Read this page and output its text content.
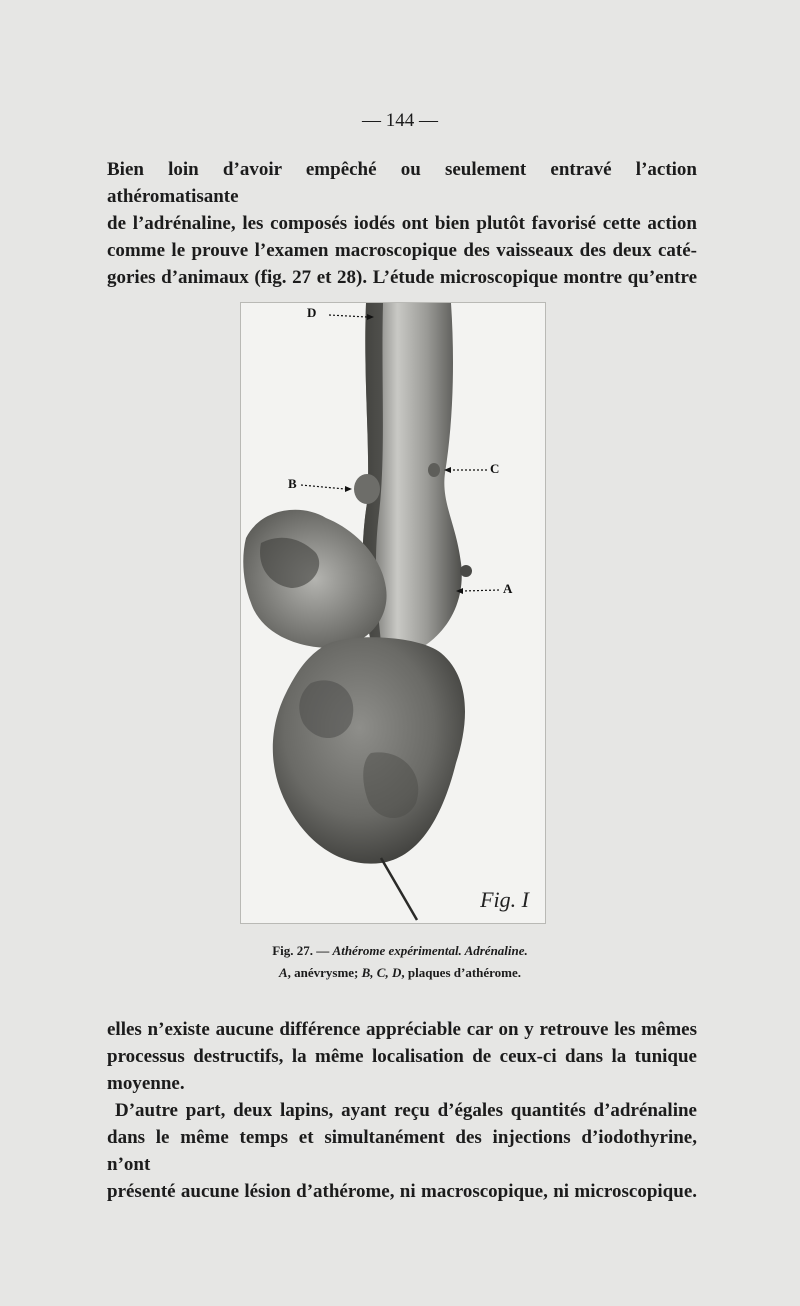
— 144 —

Bien loin d’avoir empêché ou seulement entravé l’action athéromatisante
de l’adrénaline, les composés iodés ont bien plutôt favorisé cette action
comme le prouve l’examen macroscopique des vaisseaux des deux caté-
gories d’animaux (fig. 27 et 28). L’étude microscopique montre qu’entre

D
B
C
A
Fig. I
Fig. 27. — Athérome expérimental. Adrénaline.
A, anévrysme; B, C, D, plaques d’athérome.

elles n’existe aucune différence appréciable car on y retrouve les mêmes
processus destructifs, la même localisation de ceux-ci dans la tunique
moyenne.

D’autre part, deux lapins, ayant reçu d’égales quantités d’adrénaline
dans le même temps et simultanément des injections d’iodothyrine, n’ont
présenté aucune lésion d’athérome, ni macroscopique, ni microscopique.
